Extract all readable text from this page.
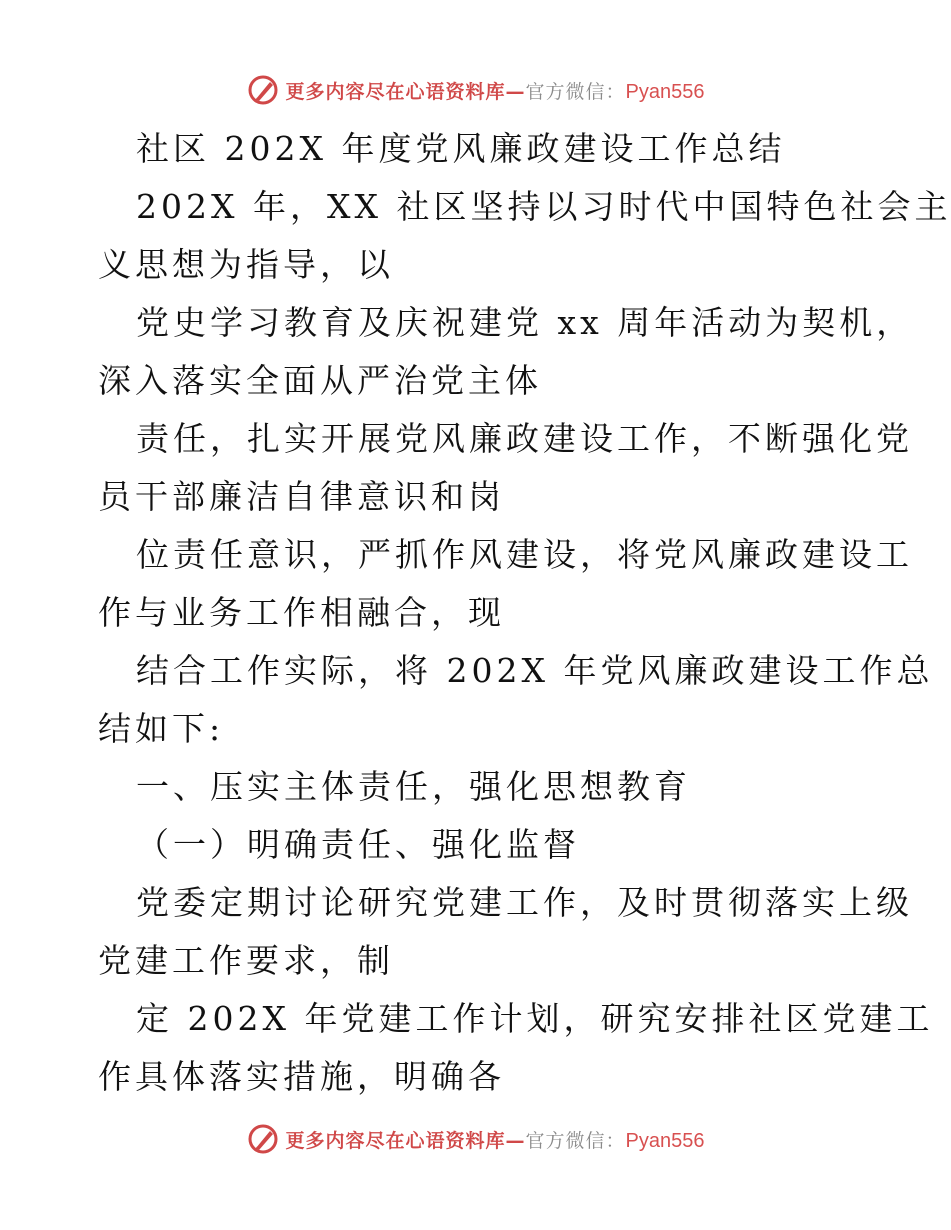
更多内容尽在心语资料库— 官方微信： Pyan556
社区 202X 年度党风廉政建设工作总结
202X 年，XX 社区坚持以习时代中国特色社会主
义思想为指导，以
党史学习教育及庆祝建党 xx 周年活动为契机，
深入落实全面从严治党主体
责任，扎实开展党风廉政建设工作，不断强化党
员干部廉洁自律意识和岗
位责任意识，严抓作风建设，将党风廉政建设工
作与业务工作相融合，现
结合工作实际，将 202X 年党风廉政建设工作总
结如下:
一、压实主体责任，强化思想教育
（一）明确责任、强化监督
党委定期讨论研究党建工作，及时贯彻落实上级
党建工作要求，制
定 202X 年党建工作计划，研究安排社区党建工
作具体落实措施，明确各
更多内容尽在心语资料库— 官方微信： Pyan556
